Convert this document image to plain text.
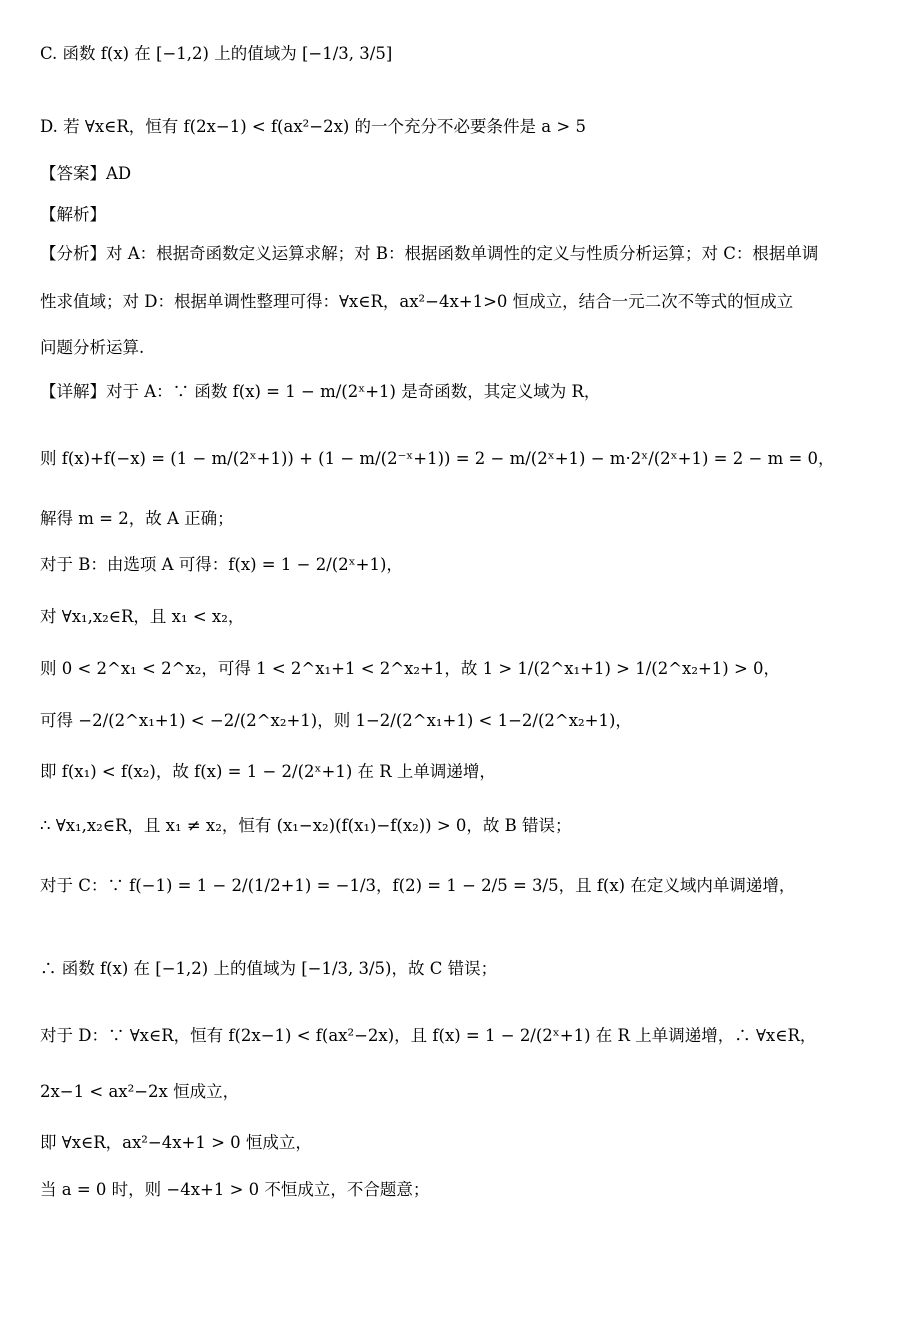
C. 函数 f(x) 在 [−1,2) 上的值域为 [−1/3, 3/5]
D. 若 ∀x∈R，恒有 f(2x−1) < f(ax²−2x) 的一个充分不必要条件是 a > 5
【答案】AD
【解析】
【分析】对 A：根据奇函数定义运算求解；对 B：根据函数单调性的定义与性质分析运算；对 C：根据单调
性求值域；对 D：根据单调性整理可得：∀x∈R，ax²−4x+1>0 恒成立，结合一元二次不等式的恒成立
问题分析运算.
【详解】对于 A：∵ 函数 f(x) = 1 − m/(2ˣ+1) 是奇函数，其定义域为 R，
则 f(x)+f(−x) = (1 − m/(2ˣ+1)) + (1 − m/(2⁻ˣ+1)) = 2 − m/(2ˣ+1) − m·2ˣ/(2ˣ+1) = 2 − m = 0，
解得 m = 2，故 A 正确；
对于 B：由选项 A 可得：f(x) = 1 − 2/(2ˣ+1)，
对 ∀x₁,x₂∈R，且 x₁ < x₂，
则 0 < 2^x₁ < 2^x₂，可得 1 < 2^x₁+1 < 2^x₂+1，故 1 > 1/(2^x₁+1) > 1/(2^x₂+1) > 0，
可得 −2/(2^x₁+1) < −2/(2^x₂+1)，则 1−2/(2^x₁+1) < 1−2/(2^x₂+1)，
即 f(x₁) < f(x₂)，故 f(x) = 1 − 2/(2ˣ+1) 在 R 上单调递增，
∴ ∀x₁,x₂∈R，且 x₁ ≠ x₂，恒有 (x₁−x₂)(f(x₁)−f(x₂)) > 0，故 B 错误；
对于 C：∵ f(−1) = 1 − 2/(1/2+1) = −1/3，f(2) = 1 − 2/5 = 3/5，且 f(x) 在定义域内单调递增，
∴ 函数 f(x) 在 [−1,2) 上的值域为 [−1/3, 3/5)，故 C 错误；
对于 D：∵ ∀x∈R，恒有 f(2x−1) < f(ax²−2x)，且 f(x) = 1 − 2/(2ˣ+1) 在 R 上单调递增，∴ ∀x∈R，
2x−1 < ax²−2x 恒成立，
即 ∀x∈R，ax²−4x+1 > 0 恒成立，
当 a = 0 时，则 −4x+1 > 0 不恒成立，不合题意；
